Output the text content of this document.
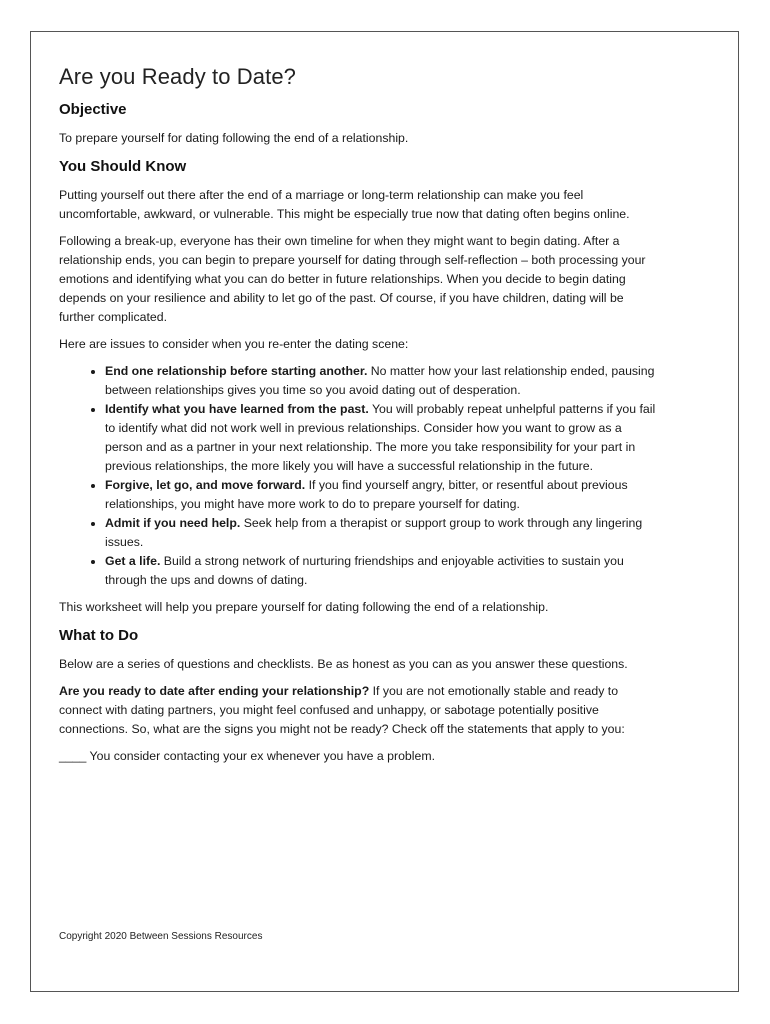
Are you Ready to Date?
Objective

To prepare yourself for dating following the end of a relationship.

You Should Know

Putting yourself out there after the end of a marriage or long-term relationship can make you feel uncomfortable, awkward, or vulnerable. This might be especially true now that dating often begins online.

Following a break-up, everyone has their own timeline for when they might want to begin dating. After a relationship ends, you can begin to prepare yourself for dating through self-reflection – both processing your emotions and identifying what you can do better in future relationships. When you decide to begin dating depends on your resilience and ability to let go of the past. Of course, if you have children, dating will be further complicated.

Here are issues to consider when you re-enter the dating scene:

• End one relationship before starting another. No matter how your last relationship ended, pausing between relationships gives you time so you avoid dating out of desperation.
• Identify what you have learned from the past. You will probably repeat unhelpful patterns if you fail to identify what did not work well in previous relationships. Consider how you want to grow as a person and as a partner in your next relationship. The more you take responsibility for your part in previous relationships, the more likely you will have a successful relationship in the future.
• Forgive, let go, and move forward. If you find yourself angry, bitter, or resentful about previous relationships, you might have more work to do to prepare yourself for dating.
• Admit if you need help. Seek help from a therapist or support group to work through any lingering issues.
• Get a life. Build a strong network of nurturing friendships and enjoyable activities to sustain you through the ups and downs of dating.

This worksheet will help you prepare yourself for dating following the end of a relationship.

What to Do

Below are a series of questions and checklists. Be as honest as you can as you answer these questions.

Are you ready to date after ending your relationship? If you are not emotionally stable and ready to connect with dating partners, you might feel confused and unhappy, or sabotage potentially positive connections. So, what are the signs you might not be ready? Check off the statements that apply to you:

____ You consider contacting your ex whenever you have a problem.

Copyright 2020 Between Sessions Resources
